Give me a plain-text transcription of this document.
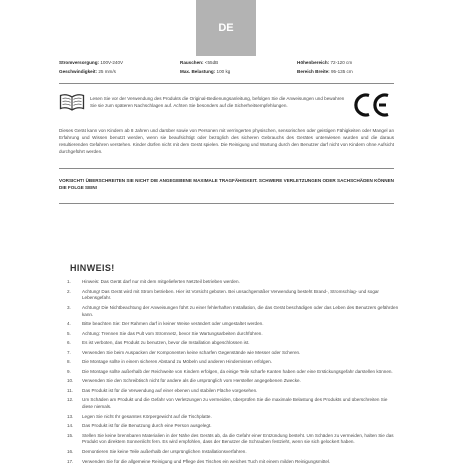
DE
Stromversorgung: 100V-240V	Rauschen: <55dB	Höhenbereich: 72-120 cm
Geschwindigkeit: 25 mm/s	Max. Belastung: 100 kg	Bereich Breite: 95-135 cm
Lesen Sie vor der Verwendung des Produkts die Original-Bedienungsanleitung, befolgen Sie die Anweisungen und bewahren Sie sie zum späteren Nachschlagen auf. Achten Sie besonders auf die Sicherheitsempfehlungen.
Dieses Gerät kann von Kindern ab 8 Jahren und darüber sowie von Personen mit verringerten physischen, sensorischen oder geistigen Fähigkeiten oder Mangel an Erfahrung und Wissen benutzt werden, wenn sie beaufsichtigt oder bezüglich des sicheren Gebrauchs des Gerätes unterwiesen wurden und die daraus resultierenden Gefahren verstehen. Kinder dürfen nicht mit dem Gerät spielen. Die Reinigung und Wartung durch den Benutzer darf nicht von Kindern ohne Aufsicht durchgeführt werden.
VORSICHT! ÜBERSCHREITEN SIE NICHT DIE ANGEGEBENE MAXIMALE TRAGFÄHIGKEIT. SCHWERE VERLETZUNGEN ODER SACHSCHÄDEN KÖNNEN DIE FOLGE SEIN!
HINWEIS!
1.	Hinweis: Das Gerät darf nur mit dem mitgelieferten Netzteil betrieben werden.
2.	Achtung! Das Gerät wird mit Strom betrieben. Hier ist Vorsicht geboten. Bei unsachgemäßer Verwendung besteht Brand-, Stromschlag- und sogar Lebensgefahr.
3.	Achtung! Die Nichtbeachtung der Anweisungen führt zu einer fehlerhaften Installation, die das Gerät beschädigen oder das Leben des Benutzers gefährden kann.
4.	Bitte beachten Sie: Der Rahmen darf in keiner Weise verändert oder umgestaltet werden.
5.	Achtung: Trennen Sie das Pult vom Stromnetz, bevor Sie Wartungsarbeiten durchführen.
6.	Es ist verboten, das Produkt zu benutzen, bevor die Installation abgeschlossen ist.
7.	Verwenden Sie beim Auspacken der Komponenten keine scharfen Gegenstände wie Messer oder Scheren.
8.	Die Montage sollte in einem sicheren Abstand zu Möbeln und anderen Hindernissen erfolgen.
9.	Die Montage sollte außerhalb der Reichweite von Kindern erfolgen, da einige Teile scharfe Kanten haben oder eine Erstickungsgefahr darstellen können.
10.	Verwenden Sie den Schreibtisch nicht für andere als die ursprünglich vom Hersteller angegebenen Zwecke.
11.	Das Produkt ist für die Verwendung auf einer ebenen und stabilen Fläche vorgesehen.
12.	Um Schäden am Produkt und die Gefahr von Verletzungen zu vermeiden, überprüfen Sie die maximale Belastung des Produkts und überschreiten Sie diese niemals.
13.	Legen Sie nicht Ihr gesamtes Körpergewicht auf die Tischplatte.
14.	Das Produkt ist für die Benutzung durch eine Person ausgelegt.
15.	Stellen Sie keine brennbaren Materialien in der Nähe des Geräts ab, da die Gefahr einer Entzündung besteht. Um Schäden zu vermeiden, halten Sie das Produkt von direktem Sonnenlicht fern. Es wird empfohlen, dass der Benutzer die Schrauben festzieht, wenn sie sich gelockert haben.
16.	Demontieren Sie keine Teile außerhalb der ursprünglichen Installationsverfahren.
17.	Verwenden Sie für die allgemeine Reinigung und Pflege des Tisches ein weiches Tuch mit einem milden Reinigungsmittel.
